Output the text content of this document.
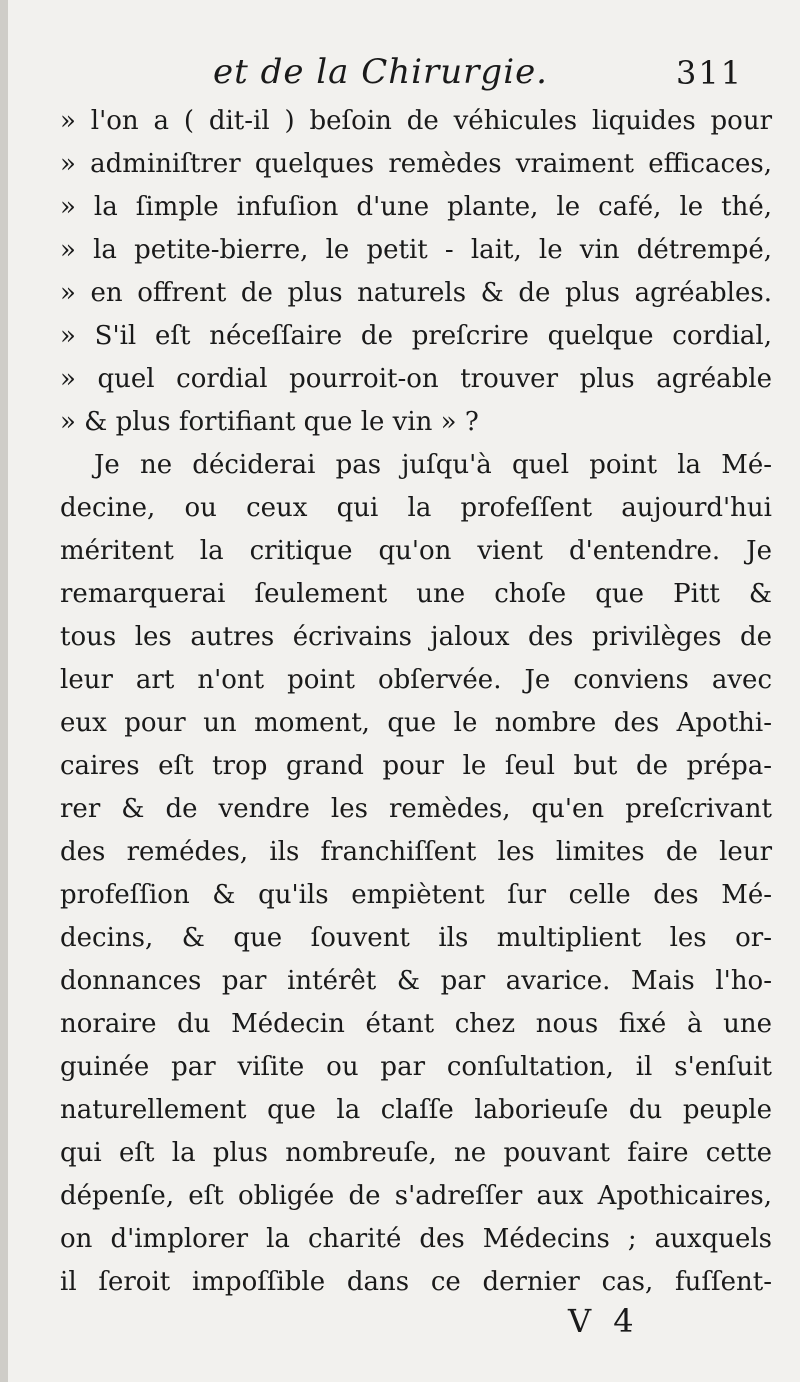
et de la Chirurgie.	311
» l'on a ( dit-il ) beſoin de véhicules liquides pour
» adminiſtrer quelques remèdes vraiment efficaces,
» la ſimple infuſion d'une plante, le café, le thé,
» la petite-bierre, le petit - lait, le vin détrempé,
» en offrent de plus naturels & de plus agréables.
» S'il eſt néceſſaire de preſcrire quelque cordial,
» quel cordial pourroit-on trouver plus agréable
» & plus fortifiant que le vin » ?
Je ne déciderai pas juſqu'à quel point la Mé-
decine, ou ceux qui la profeſſent aujourd'hui
méritent la critique qu'on vient d'entendre. Je
remarquerai ſeulement une choſe que Pitt &
tous les autres écrivains jaloux des privilèges de
leur art n'ont point obſervée. Je conviens avec
eux pour un moment, que le nombre des Apothi-
caires eſt trop grand pour le ſeul but de prépa-
rer & de vendre les remèdes, qu'en preſcrivant
des remédes, ils franchiſſent les limites de leur
profeſſion & qu'ils empiètent ſur celle des Mé-
decins, & que ſouvent ils multiplient les or-
donnances par intérêt & par avarice. Mais l'ho-
noraire du Médecin étant chez nous fixé à une
guinée par viſite ou par conſultation, il s'enſuit
naturellement que la claſſe laborieuſe du peuple
qui eſt la plus nombreuſe, ne pouvant faire cette
dépenſe, eſt obligée de s'adreſſer aux Apothicaires,
on d'implorer la charité des Médecins ; auxquels
il ſeroit impoſſible dans ce dernier cas, fuſſent-
V 4
